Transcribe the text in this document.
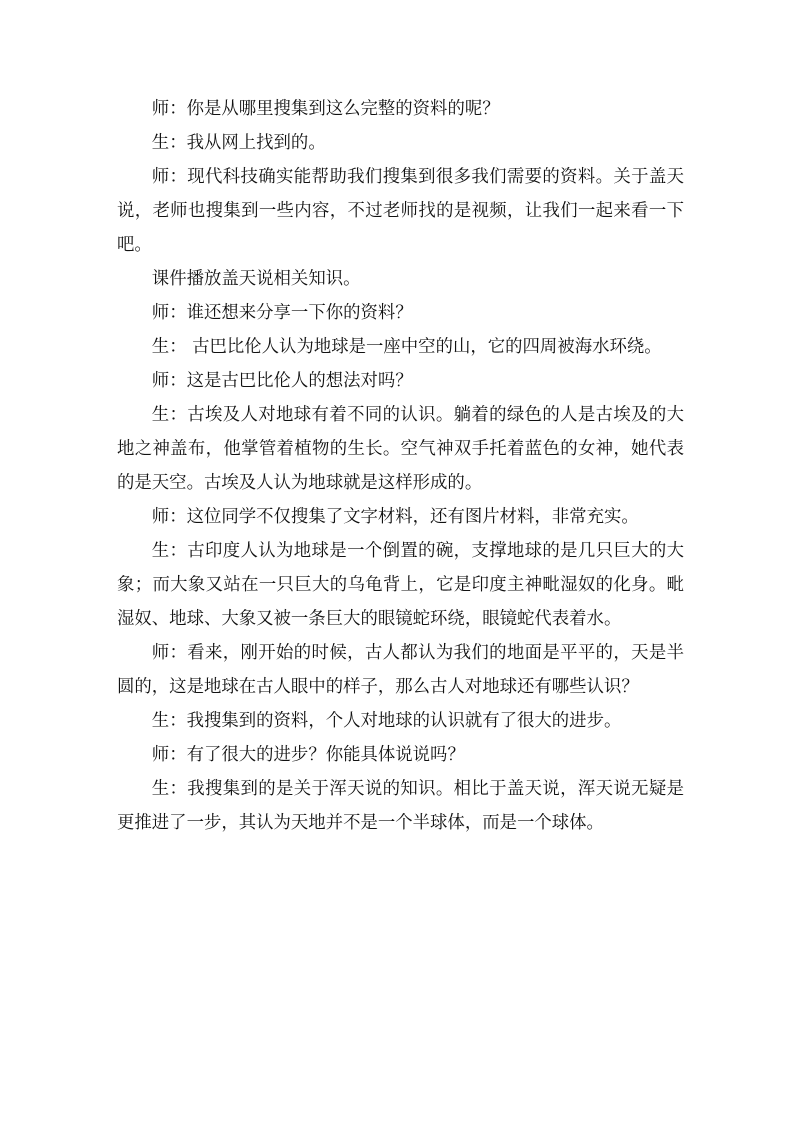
师：你是从哪里搜集到这么完整的资料的呢？

生：我从网上找到的。

师：现代科技确实能帮助我们搜集到很多我们需要的资料。关于盖天说，老师也搜集到一些内容，不过老师找的是视频，让我们一起来看一下吧。

课件播放盖天说相关知识。

师：谁还想来分享一下你的资料？

生： 古巴比伦人认为地球是一座中空的山，它的四周被海水环绕。

师：这是古巴比伦人的想法对吗？

生：古埃及人对地球有着不同的认识。躺着的绿色的人是古埃及的大地之神盖布，他掌管着植物的生长。空气神双手托着蓝色的女神，她代表的是天空。古埃及人认为地球就是这样形成的。

师：这位同学不仅搜集了文字材料，还有图片材料，非常充实。

生：古印度人认为地球是一个倒置的碗，支撑地球的是几只巨大的大象；而大象又站在一只巨大的乌龟背上，它是印度主神毗湿奴的化身。毗湿奴、地球、大象又被一条巨大的眼镜蛇环绕，眼镜蛇代表着水。

师：看来，刚开始的时候，古人都认为我们的地面是平平的，天是半圆的，这是地球在古人眼中的样子，那么古人对地球还有哪些认识？

生：我搜集到的资料，个人对地球的认识就有了很大的进步。

师：有了很大的进步？你能具体说说吗？

生：我搜集到的是关于浑天说的知识。相比于盖天说，浑天说无疑是更推进了一步，其认为天地并不是一个半球体，而是一个球体。
